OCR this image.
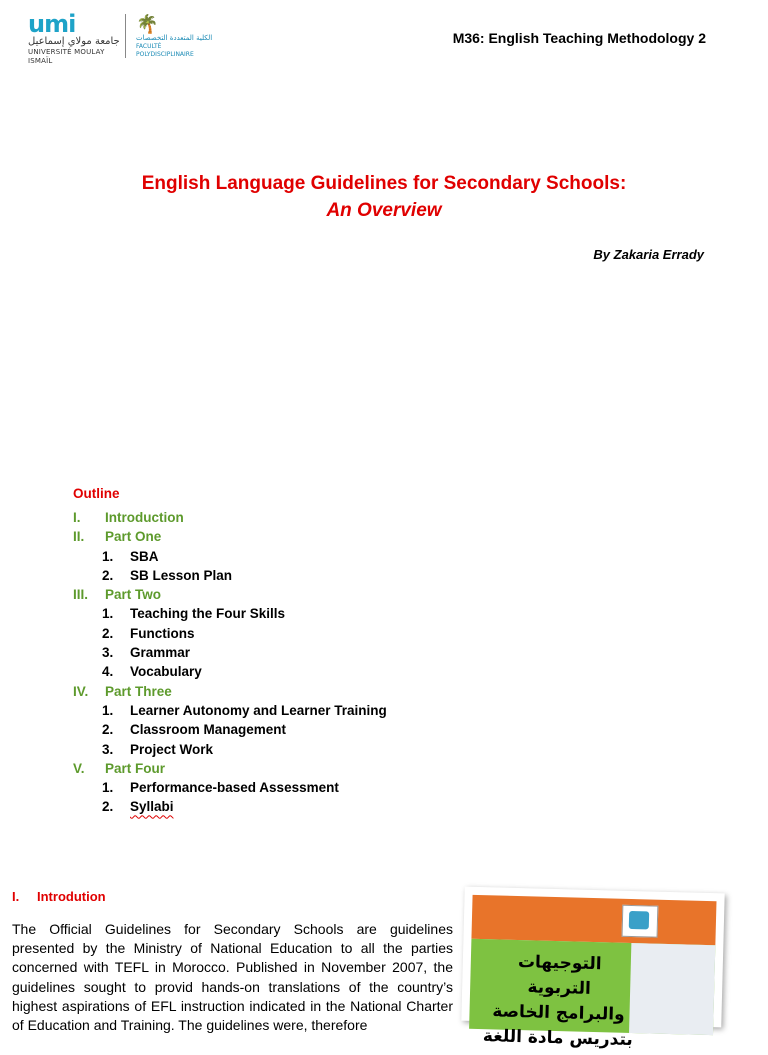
umi
جامعة مولاي إسماعيل
UNIVERSITÉ MOULAY ISMAÏL
🌴
الكلية المتعددة التخصصات
FACULTÉ POLYDISCIPLINAIRE
M36: English Teaching Methodology 2
English Language Guidelines for Secondary Schools:
An Overview
By Zakaria Errady
Outline
I. Introduction
II. Part One
1. SBA
2. SB Lesson Plan
III. Part Two
1. Teaching the Four Skills
2. Functions
3. Grammar
4. Vocabulary
IV. Part Three
1. Learner Autonomy and Learner Training
2. Classroom Management
3. Project Work
V. Part Four
1. Performance-based Assessment
2. Syllabi
I. Introdution
The Official Guidelines for Secondary Schools are guidelines presented by the Ministry of National Education to all the parties concerned with TEFL in Morocco. Published in November 2007, the guidelines sought to provid hands-on translations of the country’s highest aspirations of EFL instruction indicated in the National Charter of Education and Training. The guidelines were, therefore
التوجيهات التربوية
والبرامج الخاصة
بتدريس مادة اللغة
